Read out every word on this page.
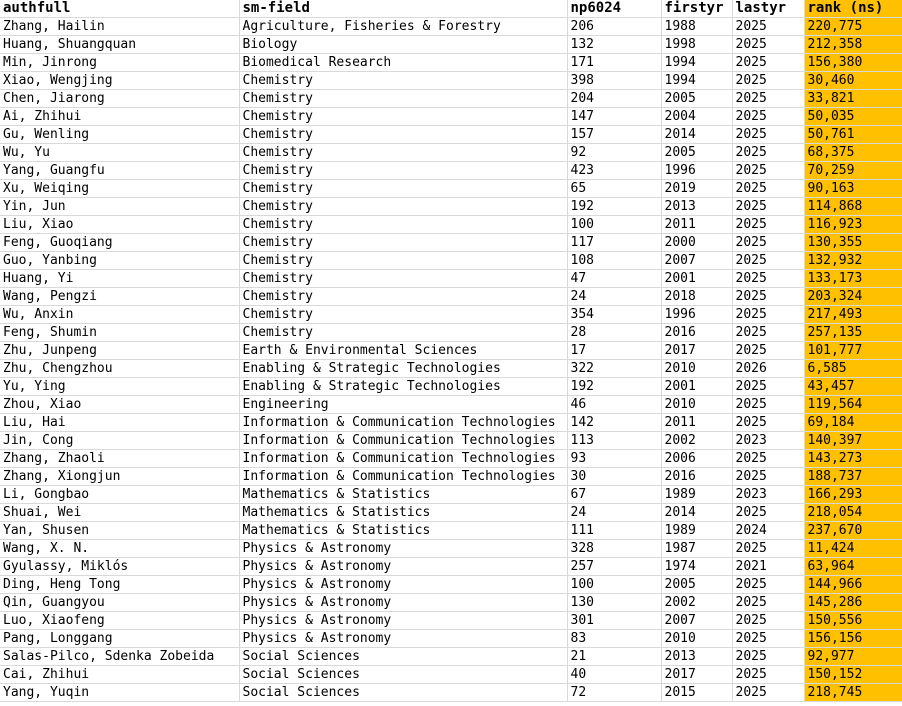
authfull	sm-field	np6024	firstyr	lastyr	rank (ns)
Zhang, Hailin	Agriculture, Fisheries & Forestry	206	1988	2025	220,775
Huang, Shuangquan	Biology	132	1998	2025	212,358
Min, Jinrong	Biomedical Research	171	1994	2025	156,380
Xiao, Wengjing	Chemistry	398	1994	2025	30,460
Chen, Jiarong	Chemistry	204	2005	2025	33,821
Ai, Zhihui	Chemistry	147	2004	2025	50,035
Gu, Wenling	Chemistry	157	2014	2025	50,761
Wu, Yu	Chemistry	92	2005	2025	68,375
Yang, Guangfu	Chemistry	423	1996	2025	70,259
Xu, Weiqing	Chemistry	65	2019	2025	90,163
Yin, Jun	Chemistry	192	2013	2025	114,868
Liu, Xiao	Chemistry	100	2011	2025	116,923
Feng, Guoqiang	Chemistry	117	2000	2025	130,355
Guo, Yanbing	Chemistry	108	2007	2025	132,932
Huang, Yi	Chemistry	47	2001	2025	133,173
Wang, Pengzi	Chemistry	24	2018	2025	203,324
Wu, Anxin	Chemistry	354	1996	2025	217,493
Feng, Shumin	Chemistry	28	2016	2025	257,135
Zhu, Junpeng	Earth & Environmental Sciences	17	2017	2025	101,777
Zhu, Chengzhou	Enabling & Strategic Technologies	322	2010	2026	6,585
Yu, Ying	Enabling & Strategic Technologies	192	2001	2025	43,457
Zhou, Xiao	Engineering	46	2010	2025	119,564
Liu, Hai	Information & Communication Technologies	142	2011	2025	69,184
Jin, Cong	Information & Communication Technologies	113	2002	2023	140,397
Zhang, Zhaoli	Information & Communication Technologies	93	2006	2025	143,273
Zhang, Xiongjun	Information & Communication Technologies	30	2016	2025	188,737
Li, Gongbao	Mathematics & Statistics	67	1989	2023	166,293
Shuai, Wei	Mathematics & Statistics	24	2014	2025	218,054
Yan, Shusen	Mathematics & Statistics	111	1989	2024	237,670
Wang, X. N.	Physics & Astronomy	328	1987	2025	11,424
Gyulassy, Miklós	Physics & Astronomy	257	1974	2021	63,964
Ding, Heng Tong	Physics & Astronomy	100	2005	2025	144,966
Qin, Guangyou	Physics & Astronomy	130	2002	2025	145,286
Luo, Xiaofeng	Physics & Astronomy	301	2007	2025	150,556
Pang, Longgang	Physics & Astronomy	83	2010	2025	156,156
Salas-Pilco, Sdenka Zobeida	Social Sciences	21	2013	2025	92,977
Cai, Zhihui	Social Sciences	40	2017	2025	150,152
Yang, Yuqin	Social Sciences	72	2015	2025	218,745
